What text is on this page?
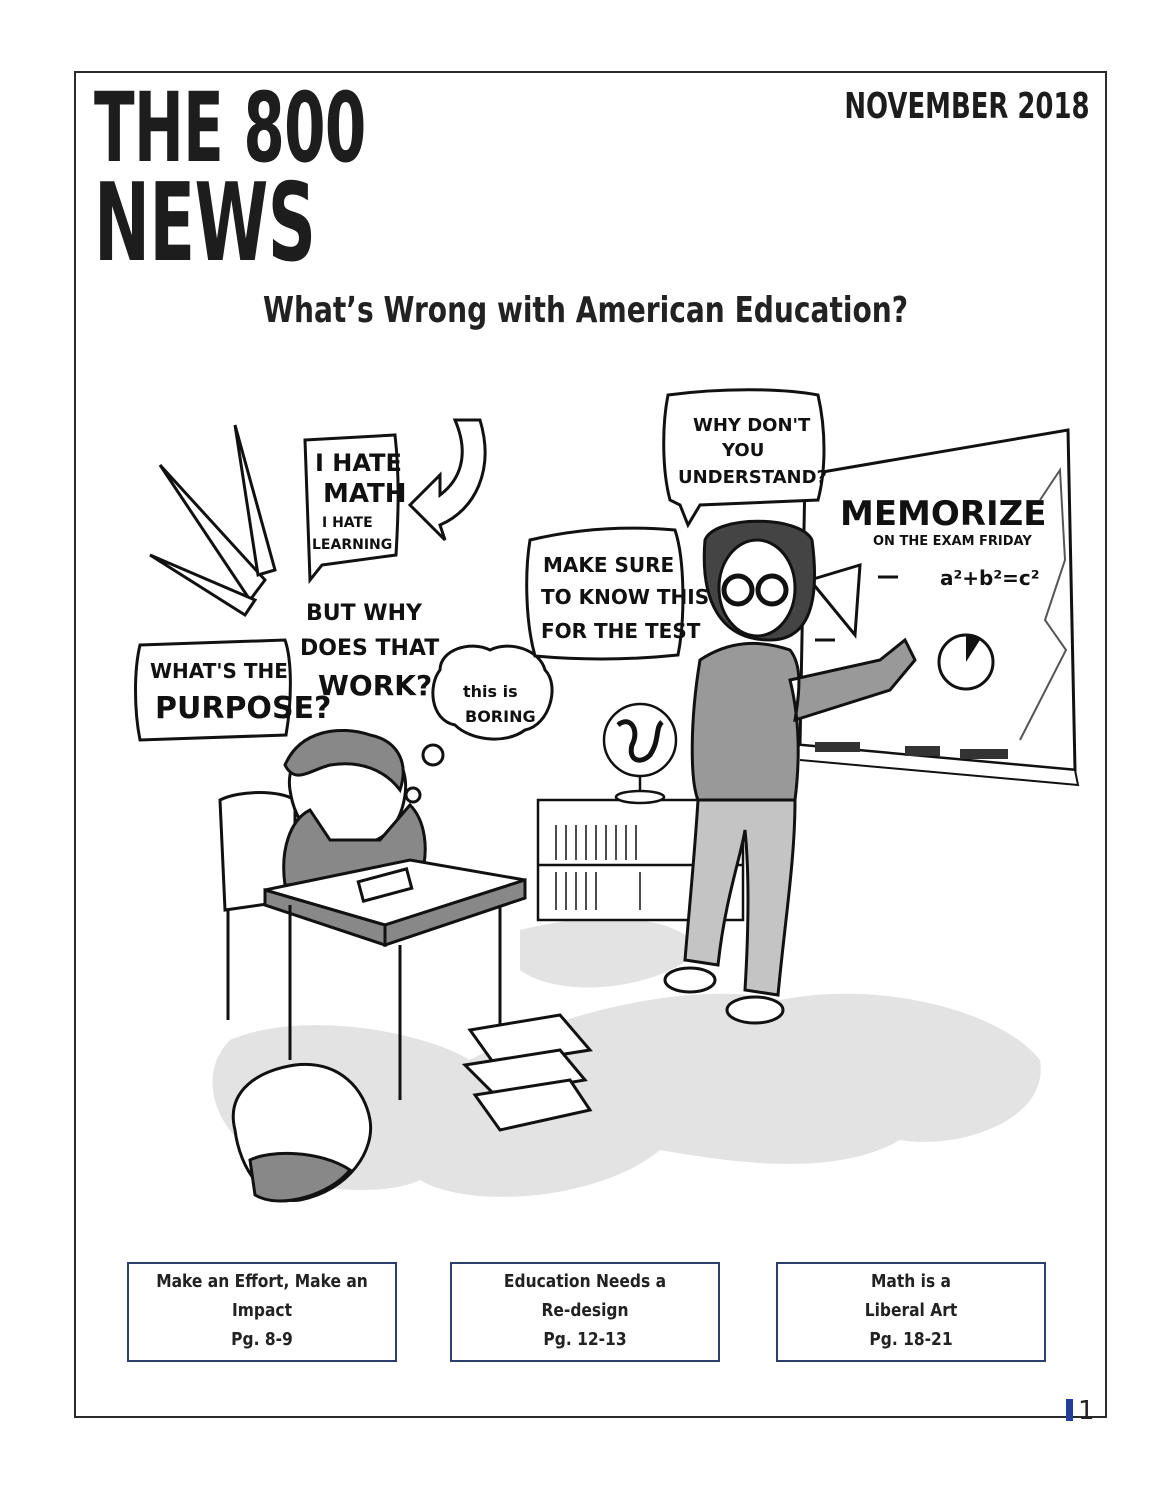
THE 800
NEWS
NOVEMBER 2018
What’s Wrong with American Education?
MEMORIZE
ON THE EXAM FRIDAY
a²+b²=c²
I HATE
MATH
I HATE
LEARNING
WHAT'S THE
PURPOSE?
BUT WHY
DOES THAT
WORK? this is
BORING
MAKE SURE
TO KNOW THIS
FOR THE TEST
WHY DON'T
YOU
UNDERSTAND?
Make an Effort, Make an
Impact
Pg. 8-9
Education Needs a
Re-design
Pg. 12-13
Math is a
Liberal Art
Pg. 18-21
1
